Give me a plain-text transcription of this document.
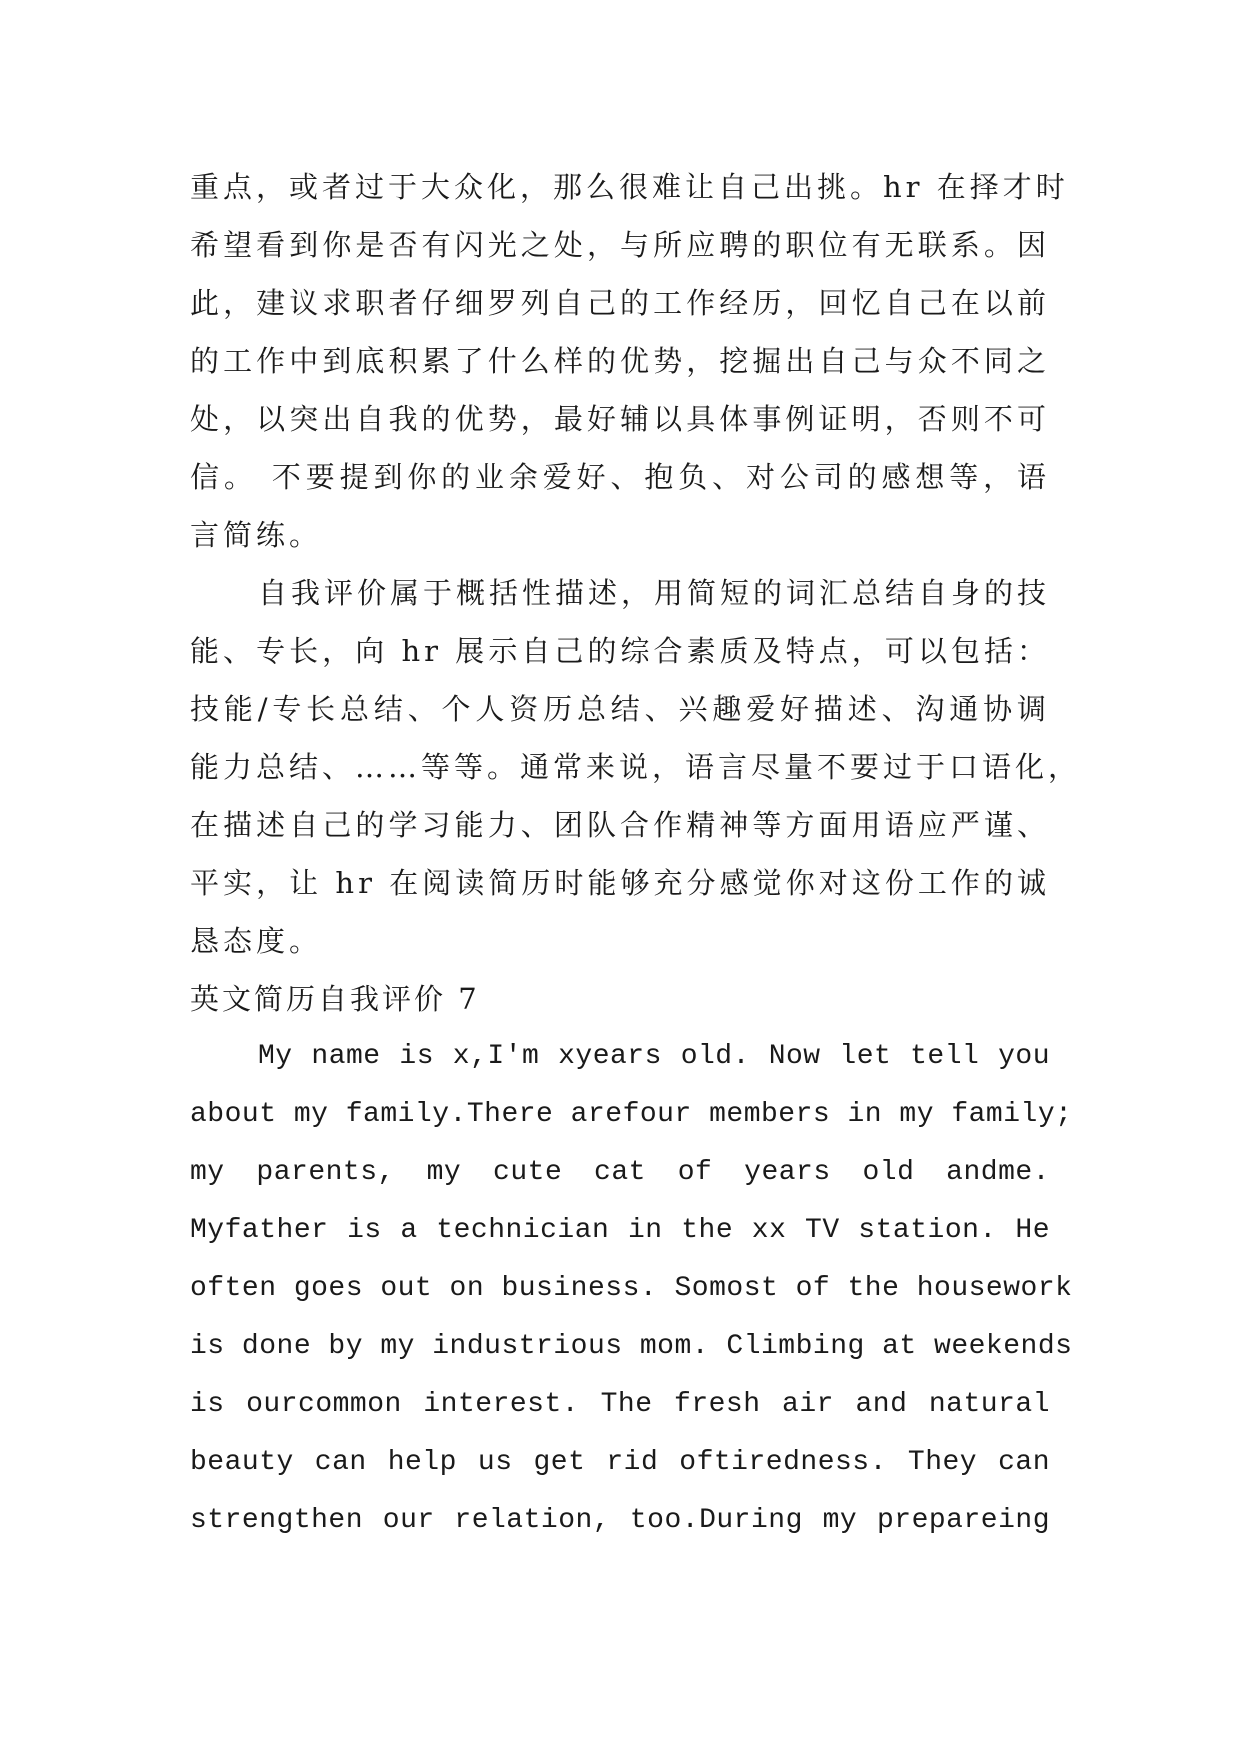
重点，或者过于大众化，那么很难让自己出挑。hr 在择才时
希望看到你是否有闪光之处，与所应聘的职位有无联系。因
此，建议求职者仔细罗列自己的工作经历，回忆自己在以前
的工作中到底积累了什么样的优势，挖掘出自己与众不同之
处，以突出自我的优势，最好辅以具体事例证明，否则不可
信。 不要提到你的业余爱好、抱负、对公司的感想等，语
言简练。
自我评价属于概括性描述，用简短的词汇总结自身的技
能、专长，向 hr 展示自己的综合素质及特点，可以包括：
技能/专长总结、个人资历总结、兴趣爱好描述、沟通协调
能力总结、……等等。通常来说，语言尽量不要过于口语化，
在描述自己的学习能力、团队合作精神等方面用语应严谨、
平实，让 hr 在阅读简历时能够充分感觉你对这份工作的诚
恳态度。
英文简历自我评价 7
My name is x,I'm xyears old. Now let tell you
about my family.There arefour members in my family;
my parents, my cute cat of years old andme.
Myfather is a technician in the xx TV station. He
often goes out on business. Somost of the housework
is done by my industrious mom. Climbing at weekends
is ourcommon interest. The fresh air and natural
beauty can help us get rid oftiredness. They can
strengthen our relation, too.During my prepareing
